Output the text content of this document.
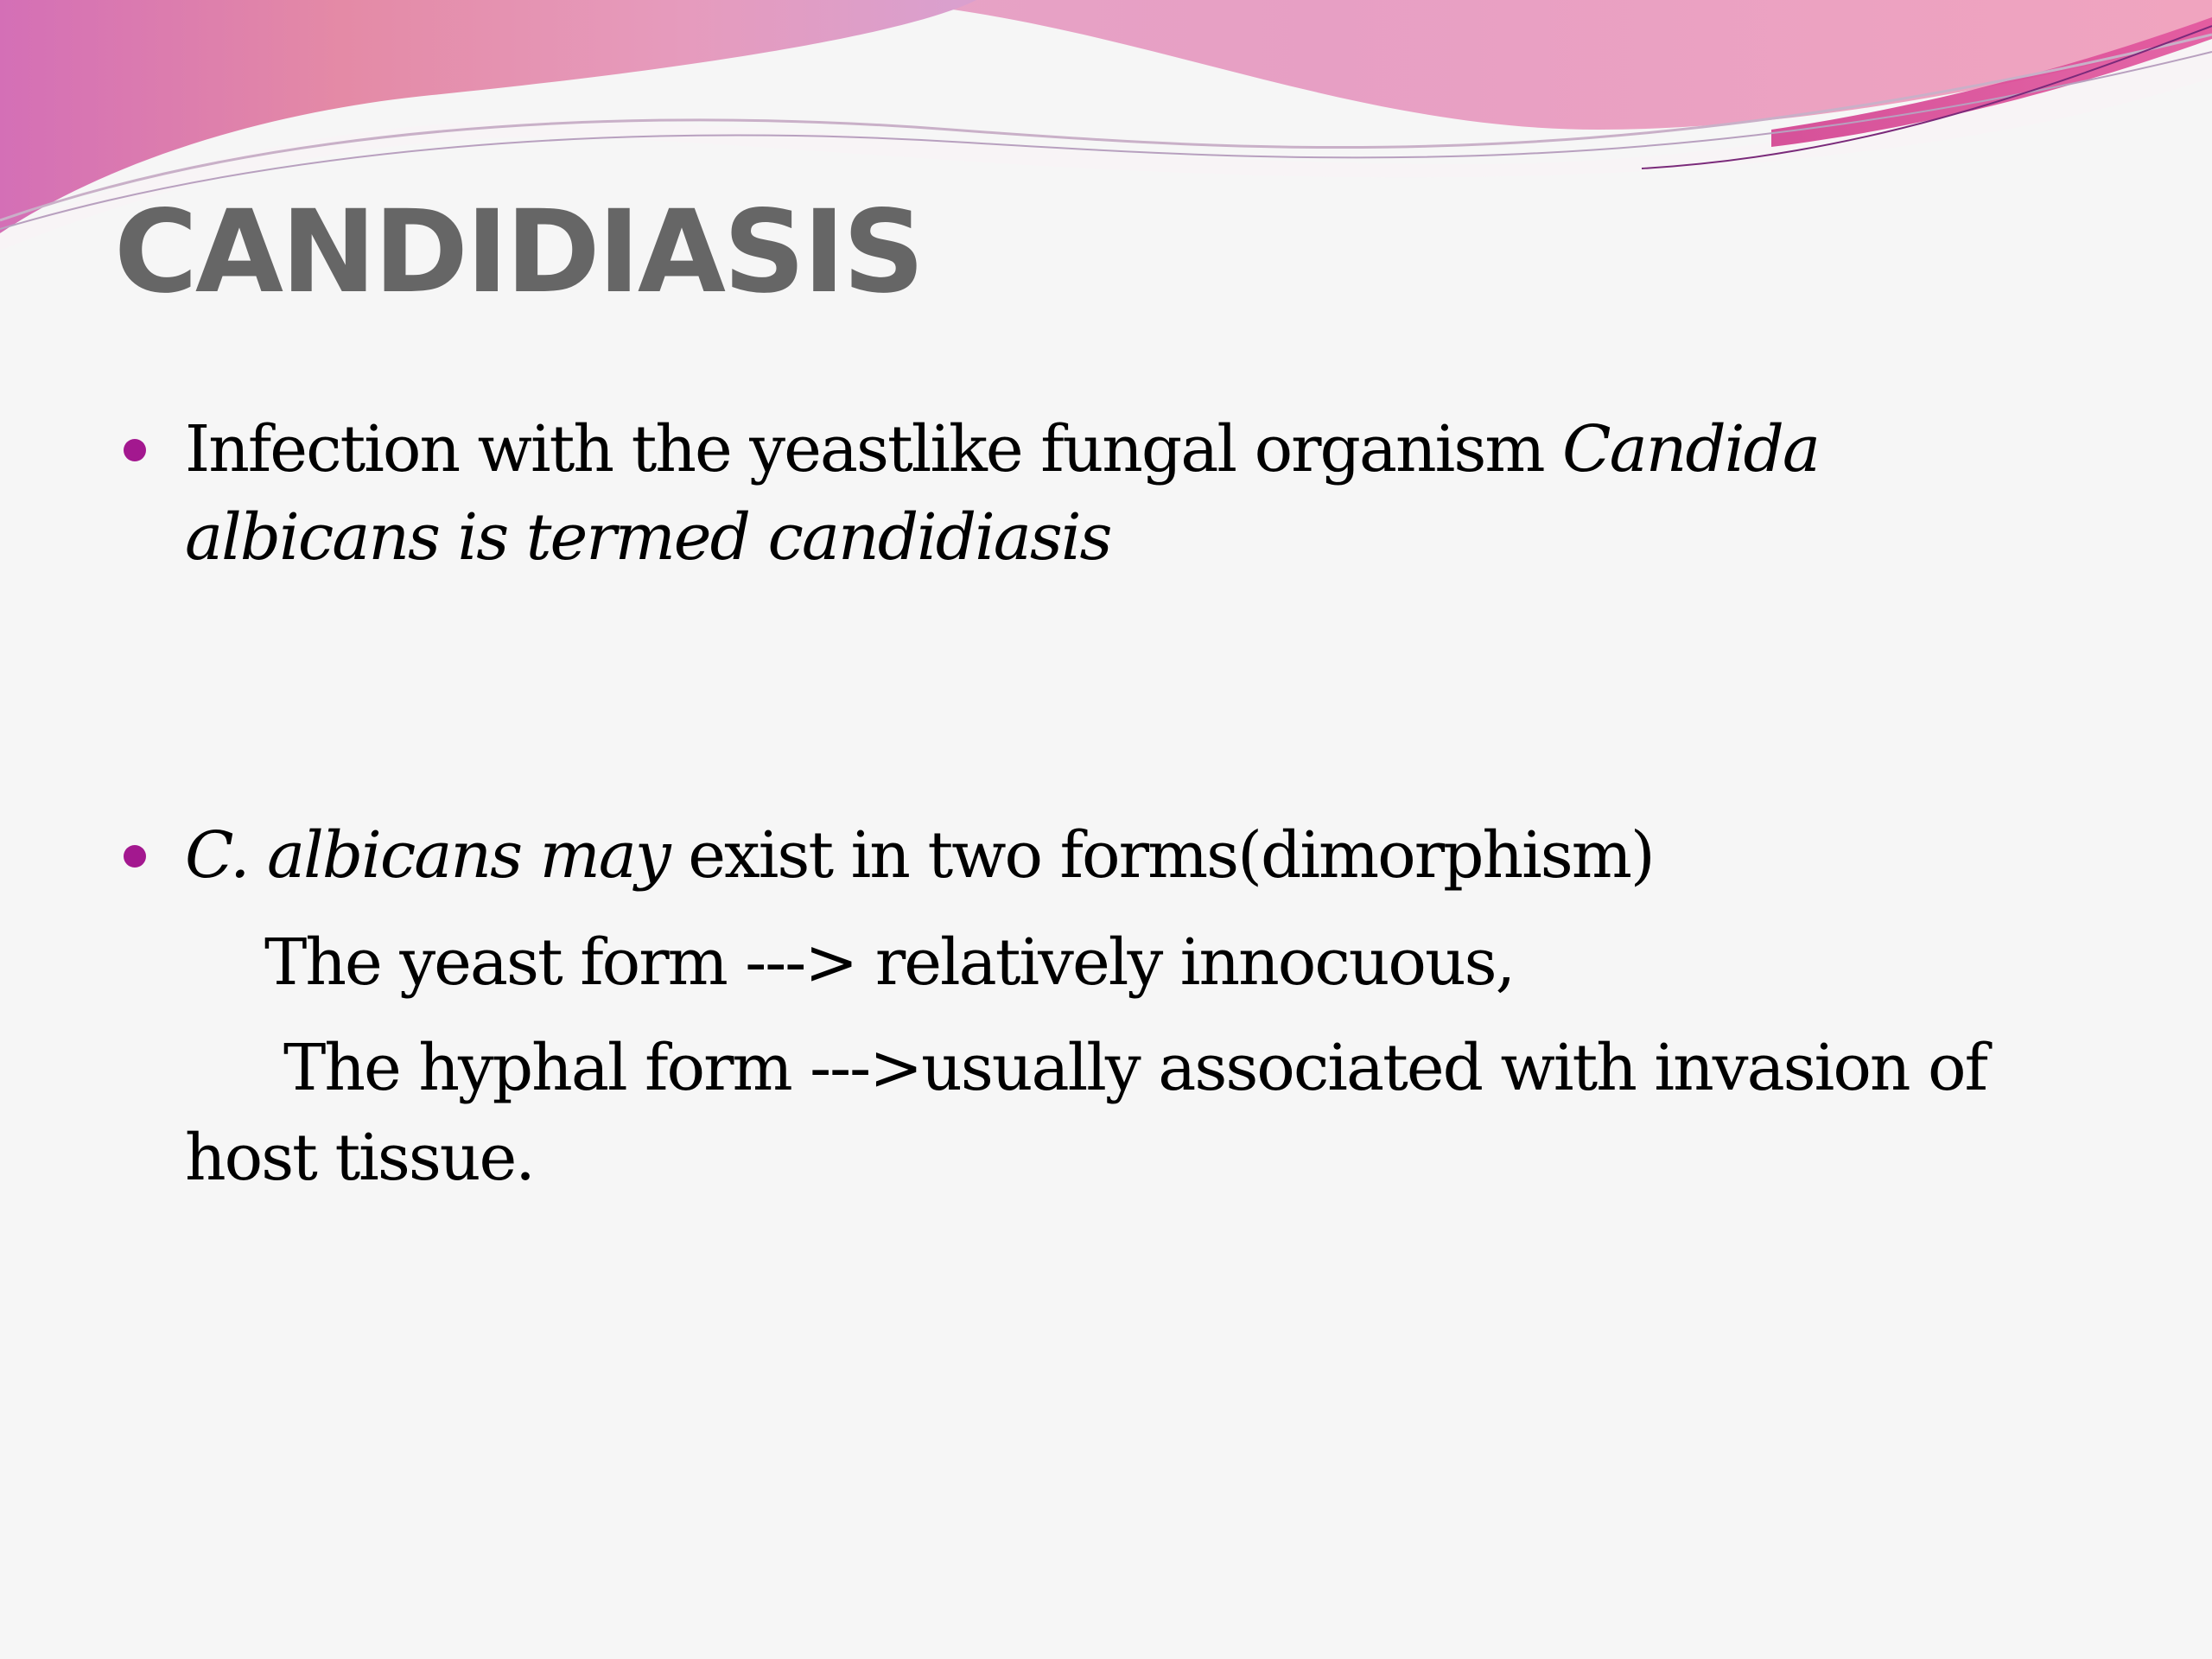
CANDIDIASIS
Infection with the yeastlike fungal organism Candida
albicans is termed candidiasis
C. albicans may exist in two forms(dimorphism)
The yeast form ---> relatively innocuous,
The hyphal form --->usually associated with invasion of
host tissue.
